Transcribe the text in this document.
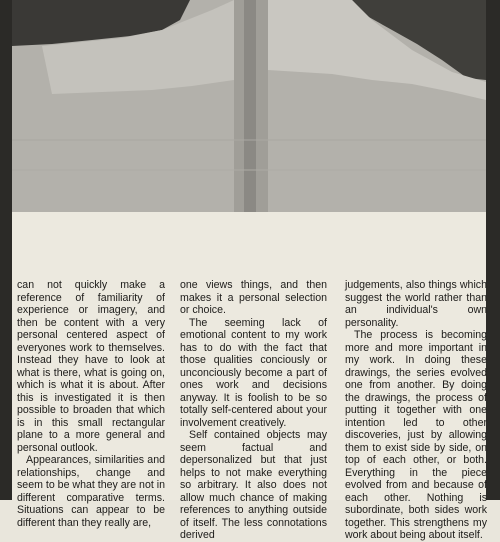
can not quickly make a reference of familiarity of experience or imagery, and then be content with a very personal centered aspect of everyones work to themselves. Instead they have to look at what is there, what is going on, which is what it is about. After this is investigated it is then possible to broaden that which is in this small rectangular plane to a more general and personal outlook.

Appearances, similarities and relationships, change and seem to be what they are not in different comparative terms. Situations can appear to be different than they really are,

one views things, and then makes it a personal selection or choice.

The seeming lack of emotional content to my work has to do with the fact that those qualities conciously or unconciously become a part of ones work and decisions anyway. It is foolish to be so totally self-centered about your involvement creatively.

Self contained objects may seem factual and depersonalized but that just helps to not make everything so arbitrary. It also does not allow much chance of making references to anything outside of itself. The less connotations derived

judgements, also things which suggest the world rather than an individual's own personality.

The process is becoming more and more important in my work. In doing these drawings, the series evolved one from another. By doing the drawings, the process of putting it together with one intention led to other discoveries, just by allowing them to exist side by side, on top of each other, or both. Everything in the piece evolved from and because of each other. Nothing is subordinate, both sides work together. This strengthens my work about being about itself.
